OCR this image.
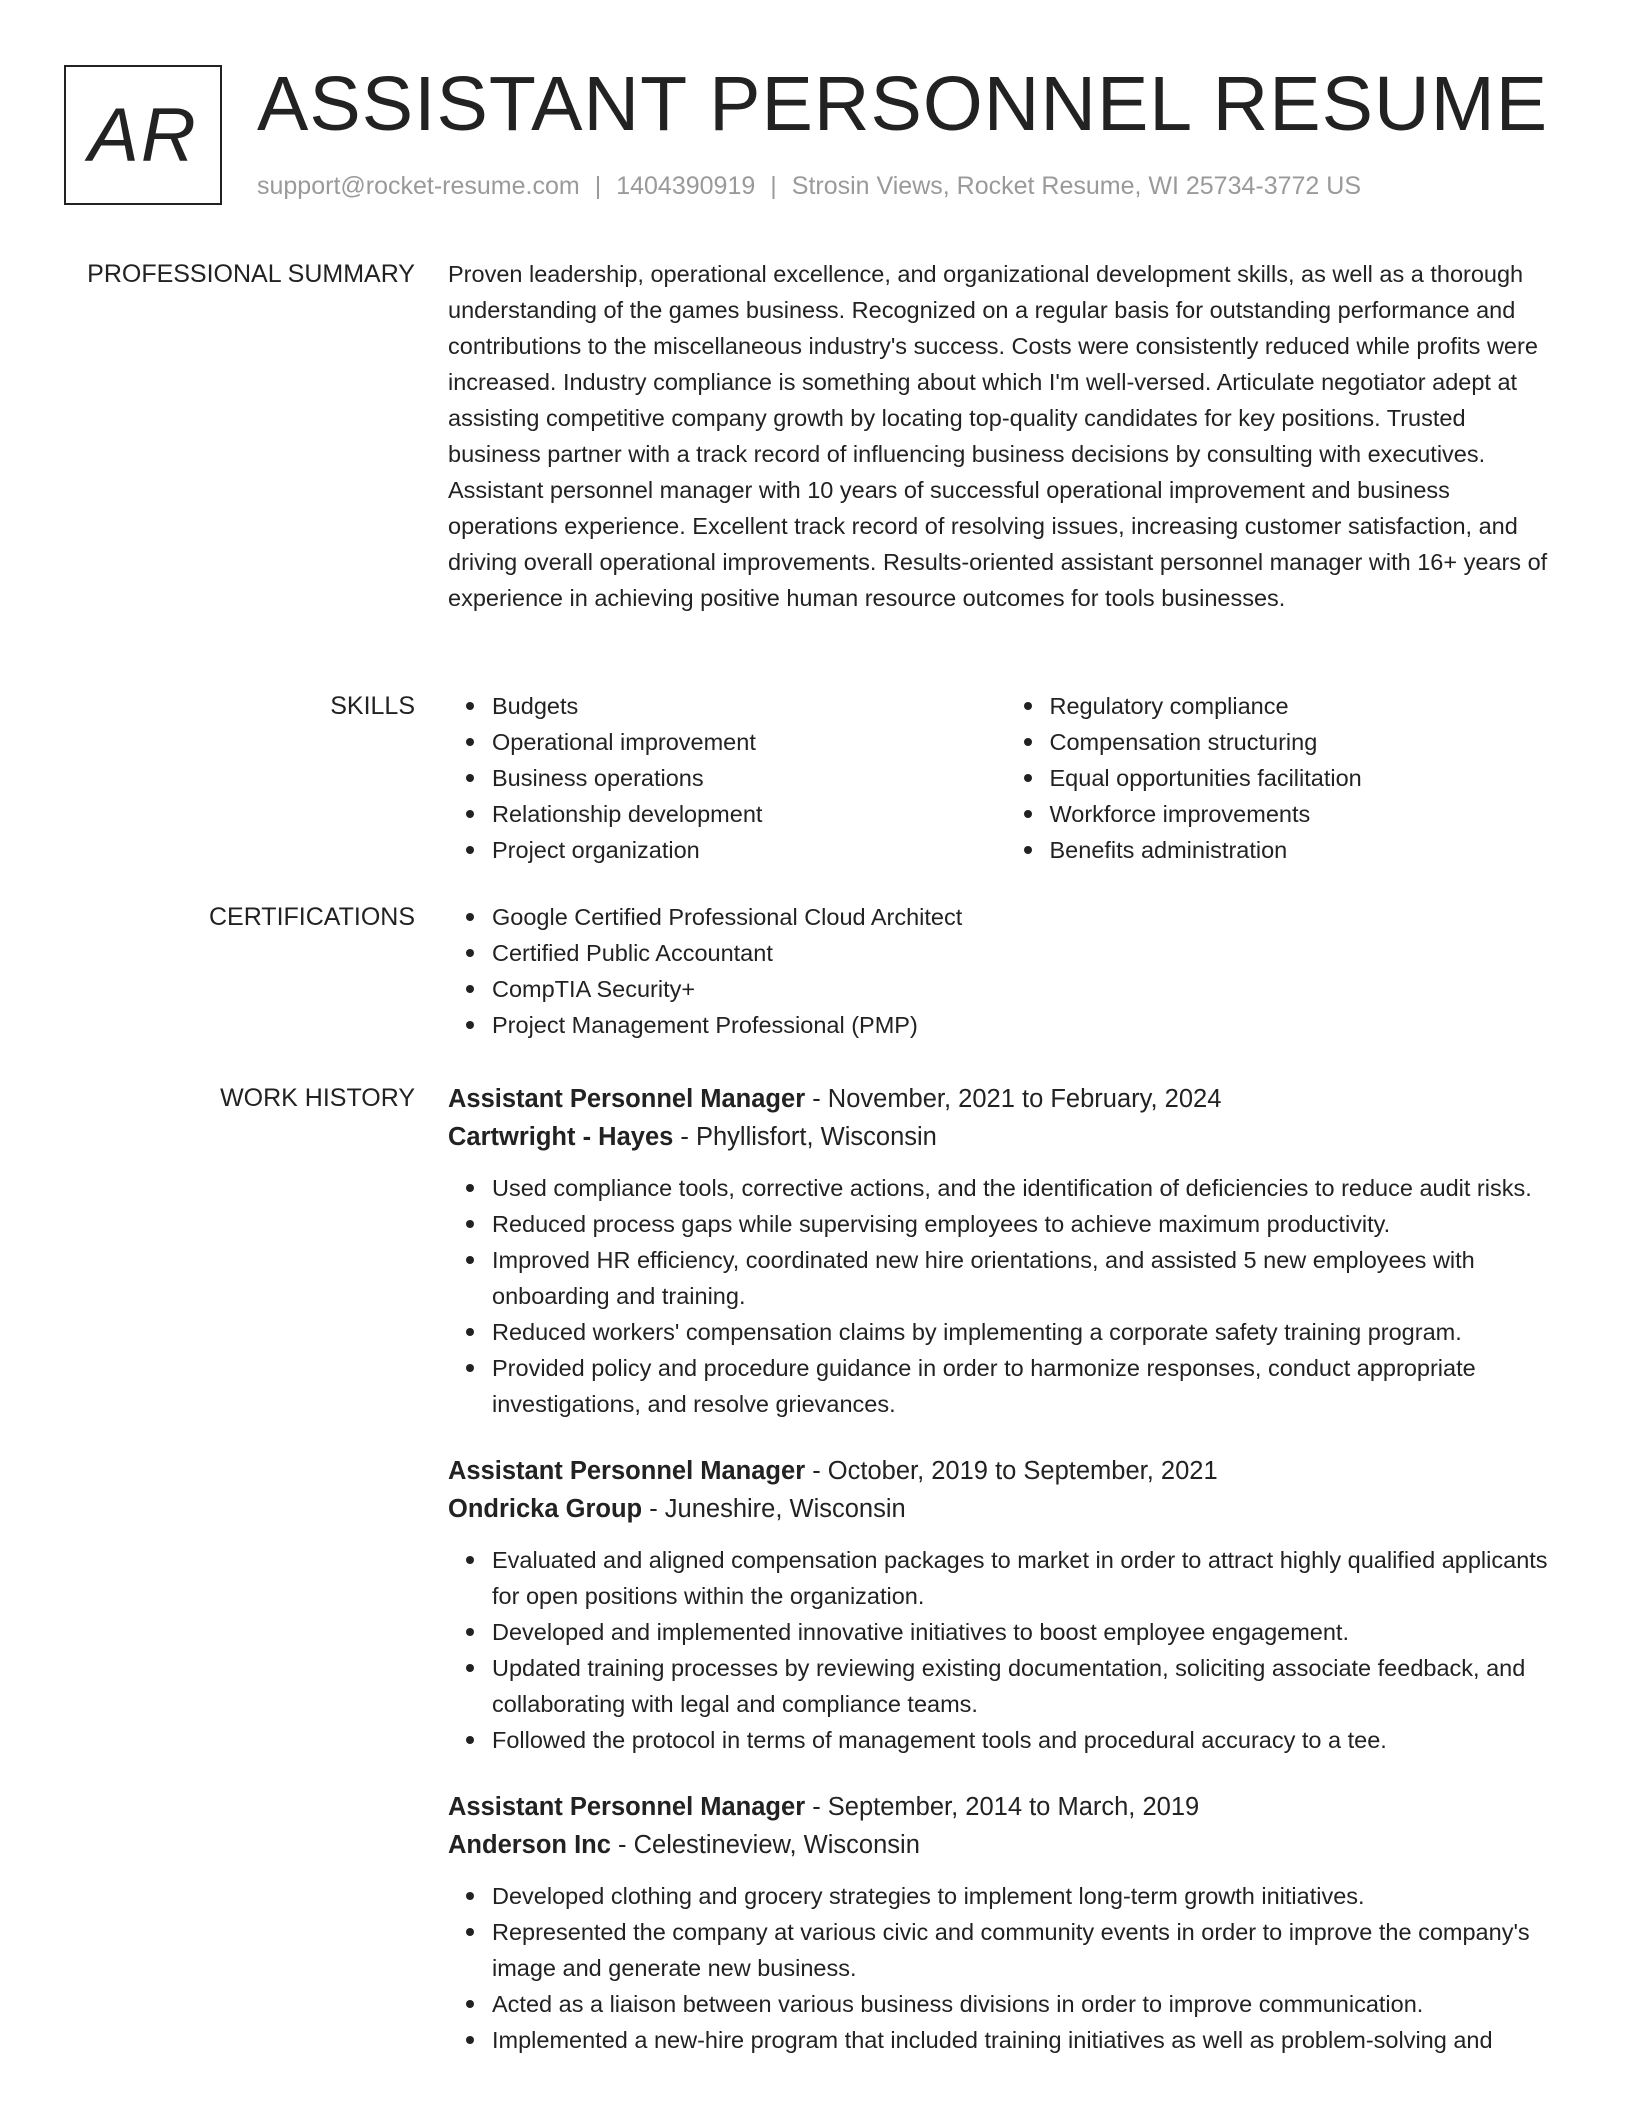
AR ASSISTANT PERSONNEL RESUME
support@rocket-resume.com | 1404390919 | Strosin Views, Rocket Resume, WI 25734-3772 US
PROFESSIONAL SUMMARY Proven leadership, operational excellence, and organizational development skills, as well as a thorough understanding of the games business. Recognized on a regular basis for outstanding performance and contributions to the miscellaneous industry's success. Costs were consistently reduced while profits were increased. Industry compliance is something about which I'm well-versed. Articulate negotiator adept at assisting competitive company growth by locating top-quality candidates for key positions. Trusted business partner with a track record of influencing business decisions by consulting with executives. Assistant personnel manager with 10 years of successful operational improvement and business operations experience. Excellent track record of resolving issues, increasing customer satisfaction, and driving overall operational improvements. Results-oriented assistant personnel manager with 16+ years of experience in achieving positive human resource outcomes for tools businesses.

SKILLS	Budgets
Operational improvement
Business operations
Relationship development
Project organization
Regulatory compliance
Compensation structuring
Equal opportunities facilitation
Workforce improvements
Benefits administration
CERTIFICATIONS	Google Certified Professional Cloud Architect
Certified Public Accountant
CompTIA Security+
Project Management Professional (PMP)
WORK HISTORY Assistant Personnel Manager - November, 2021 to February, 2024
Cartwright - Hayes - Phyllisfort, Wisconsin
Used compliance tools, corrective actions, and the identification of deficiencies to reduce audit risks.
Reduced process gaps while supervising employees to achieve maximum productivity.
Improved HR efficiency, coordinated new hire orientations, and assisted 5 new employees with onboarding and training.
Reduced workers' compensation claims by implementing a corporate safety training program.
Provided policy and procedure guidance in order to harmonize responses, conduct appropriate investigations, and resolve grievances.
Assistant Personnel Manager - October, 2019 to September, 2021
Ondricka Group - Juneshire, Wisconsin
Evaluated and aligned compensation packages to market in order to attract highly qualified applicants for open positions within the organization.
Developed and implemented innovative initiatives to boost employee engagement.
Updated training processes by reviewing existing documentation, soliciting associate feedback, and collaborating with legal and compliance teams.
Followed the protocol in terms of management tools and procedural accuracy to a tee.
Assistant Personnel Manager - September, 2014 to March, 2019
Anderson Inc - Celestineview, Wisconsin
Developed clothing and grocery strategies to implement long-term growth initiatives.
Represented the company at various civic and community events in order to improve the company's image and generate new business.
Acted as a liaison between various business divisions in order to improve communication.
Implemented a new-hire program that included training initiatives as well as problem-solving and
